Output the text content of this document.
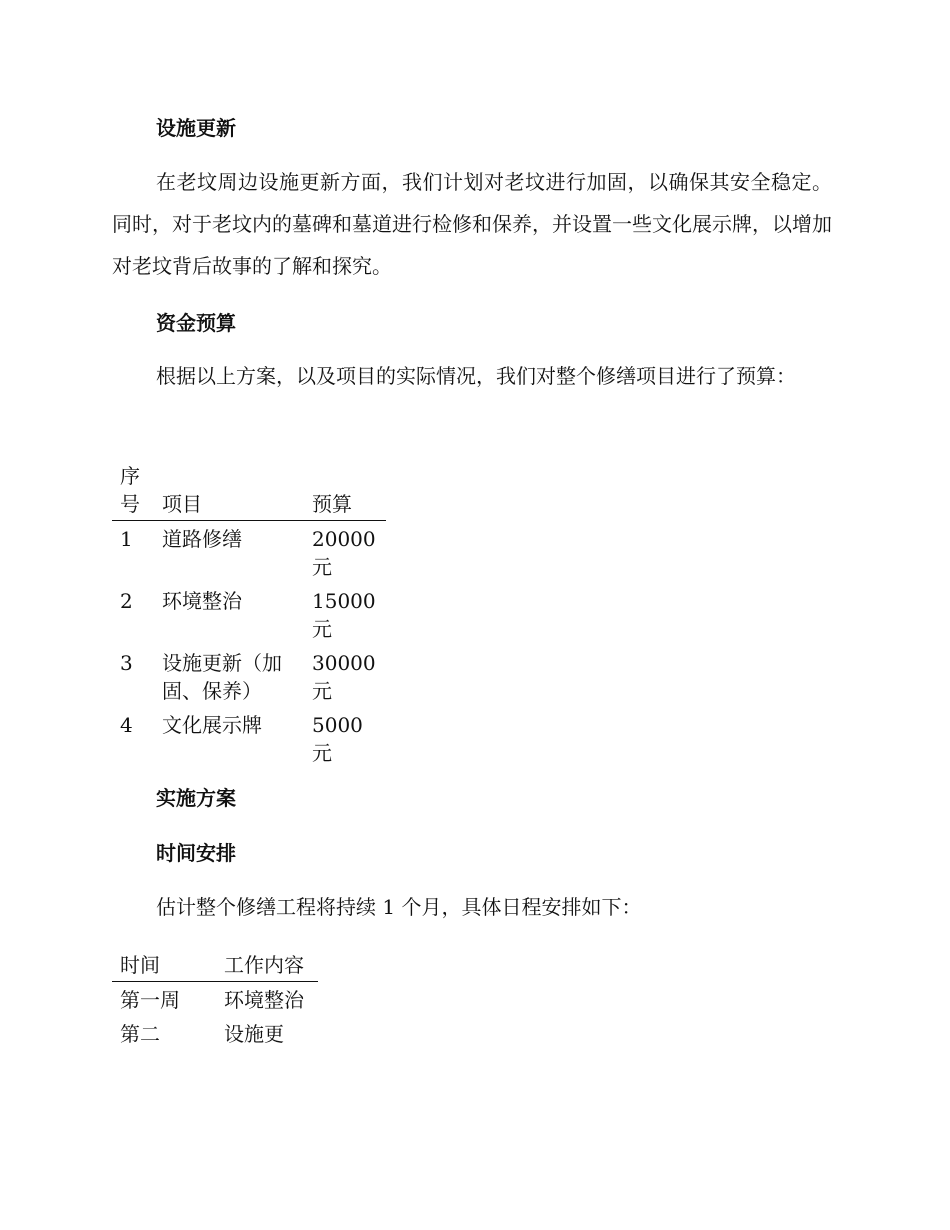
设施更新

在老坟周边设施更新方面，我们计划对老坟进行加固，以确保其安全稳定。同时，对于老坟内的墓碑和墓道进行检修和保养，并设置一些文化展示牌，以增加对老坟背后故事的了解和探究。

资金预算

根据以上方案，以及项目的实际情况，我们对整个修缮项目进行了预算：

序号	项目	预算
1	道路修缮	20000 元
2	环境整治	15000 元
3	设施更新（加固、保养）	30000 元
4	文化展示牌	5000 元
实施方案
时间安排

估计整个修缮工程将持续 1 个月，具体日程安排如下：

时间	工作内容
第一周	环境整治
第二	设施更
